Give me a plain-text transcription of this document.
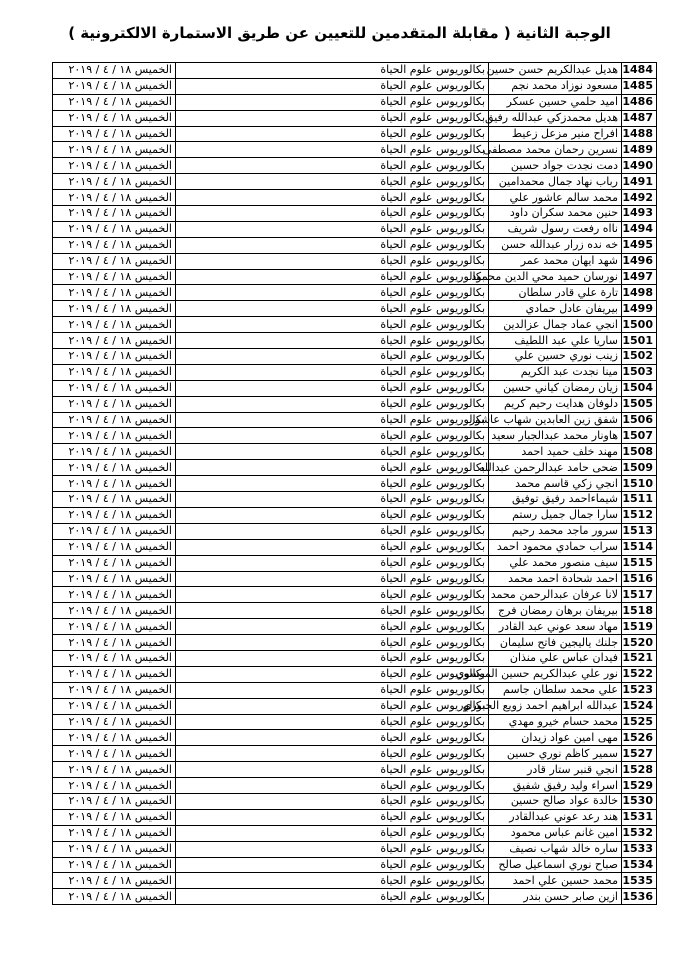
الوجبة الثانية ( مقابلة المتقدمين للتعيين عن طريق الاستمارة الالكترونية )
1484	هديل عبدالكريم حسن حسين	بكالوريوس علوم الحياة	الخميس ١٨ / ٤ / ٢٠١٩
1485	مسعود نوزاد محمد نجم	بكالوريوس علوم الحياة	الخميس ١٨ / ٤ / ٢٠١٩
1486	اميد حلمي حسين عسكر	بكالوريوس علوم الحياة	الخميس ١٨ / ٤ / ٢٠١٩
1487	هديل محمدزكي عبدالله رفيق	بكالوريوس علوم الحياة	الخميس ١٨ / ٤ / ٢٠١٩
1488	افراح منير مزعل زعيط	بكالوريوس علوم الحياة	الخميس ١٨ / ٤ / ٢٠١٩
1489	نسرين رحمان محمد مصطفى	بكالوريوس علوم الحياة	الخميس ١٨ / ٤ / ٢٠١٩
1490	دمت نجدت جواد حسين	بكالوريوس علوم الحياة	الخميس ١٨ / ٤ / ٢٠١٩
1491	رباب نهاد جمال محمدامين	بكالوريوس علوم الحياة	الخميس ١٨ / ٤ / ٢٠١٩
1492	محمد سالم عاشور علي	بكالوريوس علوم الحياة	الخميس ١٨ / ٤ / ٢٠١٩
1493	حنين محمد سكران داود	بكالوريوس علوم الحياة	الخميس ١٨ / ٤ / ٢٠١٩
1494	نااه رفعت رسول شريف	بكالوريوس علوم الحياة	الخميس ١٨ / ٤ / ٢٠١٩
1495	خه نده زرار عبدالله حسن	بكالوريوس علوم الحياة	الخميس ١٨ / ٤ / ٢٠١٩
1496	شهد ايهان محمد عمر	بكالوريوس علوم الحياة	الخميس ١٨ / ٤ / ٢٠١٩
1497	نورسان حميد محي الدين محمود	بكالوريوس علوم الحياة	الخميس ١٨ / ٤ / ٢٠١٩
1498	تارة علي قادر سلطان	بكالوريوس علوم الحياة	الخميس ١٨ / ٤ / ٢٠١٩
1499	بيريفان عادل حمادي	بكالوريوس علوم الحياة	الخميس ١٨ / ٤ / ٢٠١٩
1500	انجي عماد جمال عزالدين	بكالوريوس علوم الحياة	الخميس ١٨ / ٤ / ٢٠١٩
1501	ساريا علي عبد اللطيف	بكالوريوس علوم الحياة	الخميس ١٨ / ٤ / ٢٠١٩
1502	زينب نوري حسين علي	بكالوريوس علوم الحياة	الخميس ١٨ / ٤ / ٢٠١٩
1503	مينا نجدت عبد الكريم	بكالوريوس علوم الحياة	الخميس ١٨ / ٤ / ٢٠١٩
1504	زيان رمضان كياني حسين	بكالوريوس علوم الحياة	الخميس ١٨ / ٤ / ٢٠١٩
1505	دلوفان هدايت رحيم كريم	بكالوريوس علوم الحياة	الخميس ١٨ / ٤ / ٢٠١٩
1506	شفق زين العابدين شهاب عاشور	بكالوريوس علوم الحياة	الخميس ١٨ / ٤ / ٢٠١٩
1507	هاونار محمد عبدالجبار سعيد	بكالوريوس علوم الحياة	الخميس ١٨ / ٤ / ٢٠١٩
1508	مهند خلف حميد احمد	بكالوريوس علوم الحياة	الخميس ١٨ / ٤ / ٢٠١٩
1509	ضحى حامد عبدالرحمن عبدالله	بكالوريوس علوم الحياة	الخميس ١٨ / ٤ / ٢٠١٩
1510	انجي زكي قاسم محمد	بكالوريوس علوم الحياة	الخميس ١٨ / ٤ / ٢٠١٩
1511	شيماءاحمد رفيق توفيق	بكالوريوس علوم الحياة	الخميس ١٨ / ٤ / ٢٠١٩
1512	سارا جمال جميل رستم	بكالوريوس علوم الحياة	الخميس ١٨ / ٤ / ٢٠١٩
1513	سرور ماجد محمد رحيم	بكالوريوس علوم الحياة	الخميس ١٨ / ٤ / ٢٠١٩
1514	سراب حمادي محمود احمد	بكالوريوس علوم الحياة	الخميس ١٨ / ٤ / ٢٠١٩
1515	سيف منصور محمد علي	بكالوريوس علوم الحياة	الخميس ١٨ / ٤ / ٢٠١٩
1516	احمد شحادة احمد محمد	بكالوريوس علوم الحياة	الخميس ١٨ / ٤ / ٢٠١٩
1517	لانا عرفان عبدالرحمن محمد	بكالوريوس علوم الحياة	الخميس ١٨ / ٤ / ٢٠١٩
1518	بيريفان برهان رمضان فرج	بكالوريوس علوم الحياة	الخميس ١٨ / ٤ / ٢٠١٩
1519	مهاد سعد عوني عبد القادر	بكالوريوس علوم الحياة	الخميس ١٨ / ٤ / ٢٠١٩
1520	جلنك ياليجين فاتح سليمان	بكالوريوس علوم الحياة	الخميس ١٨ / ٤ / ٢٠١٩
1521	فيدان عباس علي منذان	بكالوريوس علوم الحياة	الخميس ١٨ / ٤ / ٢٠١٩
1522	نور علي عبدالكريم حسين الموسوي	بكالوريوس علوم الحياة	الخميس ١٨ / ٤ / ٢٠١٩
1523	علي محمد سلطان جاسم	بكالوريوس علوم الحياة	الخميس ١٨ / ٤ / ٢٠١٩
1524	عبدالله ابراهيم احمد زويع الجبوري	بكالوريوس علوم الحياة	الخميس ١٨ / ٤ / ٢٠١٩
1525	محمد حسام خيرو مهدي	بكالوريوس علوم الحياة	الخميس ١٨ / ٤ / ٢٠١٩
1526	مهى امين عواد زيدان	بكالوريوس علوم الحياة	الخميس ١٨ / ٤ / ٢٠١٩
1527	سمير كاظم نوري حسين	بكالوريوس علوم الحياة	الخميس ١٨ / ٤ / ٢٠١٩
1528	انجي قنبر ستار قادر	بكالوريوس علوم الحياة	الخميس ١٨ / ٤ / ٢٠١٩
1529	اسراء وليد رفيق شفيق	بكالوريوس علوم الحياة	الخميس ١٨ / ٤ / ٢٠١٩
1530	خالدة عواد صالح حسين	بكالوريوس علوم الحياة	الخميس ١٨ / ٤ / ٢٠١٩
1531	هند رعد عوني عبدالقادر	بكالوريوس علوم الحياة	الخميس ١٨ / ٤ / ٢٠١٩
1532	امين غانم عباس محمود	بكالوريوس علوم الحياة	الخميس ١٨ / ٤ / ٢٠١٩
1533	ساره خالد شهاب نصيف	بكالوريوس علوم الحياة	الخميس ١٨ / ٤ / ٢٠١٩
1534	صباح نوري اسماعيل صالح	بكالوريوس علوم الحياة	الخميس ١٨ / ٤ / ٢٠١٩
1535	محمد حسين علي احمد	بكالوريوس علوم الحياة	الخميس ١٨ / ٤ / ٢٠١٩
1536	ازين صابر حسن بندر	بكالوريوس علوم الحياة	الخميس ١٨ / ٤ / ٢٠١٩
